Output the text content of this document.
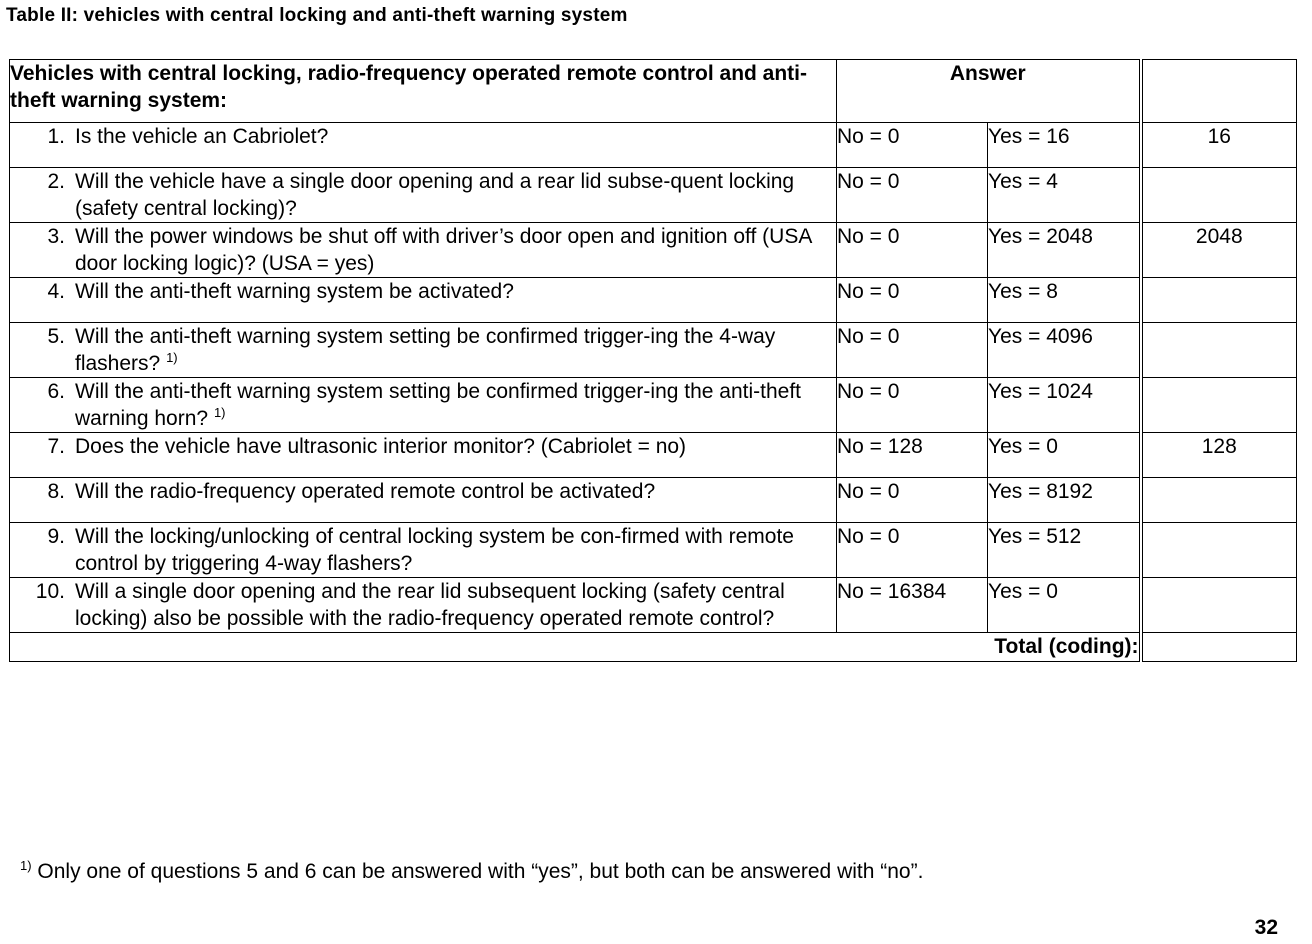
Table II: vehicles with central locking and anti-theft warning system
Vehicles with central locking, radio-frequency operated remote control and anti-theft warning system:	Answer		

1. Is the vehicle an Cabriolet?	No = 0	Yes = 16	16

2. Will the vehicle have a single door opening and a rear lid subse-quent locking (safety central locking)?	No = 0	Yes = 4	

3. Will the power windows be shut off with driver’s door open and ignition off (USA door locking logic)? (USA = yes)	No = 0	Yes = 2048	2048

4. Will the anti-theft warning system be activated?	No = 0	Yes = 8	

5. Will the anti-theft warning system setting be confirmed trigger-ing the 4-way flashers? $^{1)}$	No = 0	Yes = 4096	

6. Will the anti-theft warning system setting be confirmed trigger-ing the anti-theft warning horn? $^{1)}$	No = 0	Yes = 1024	

7. Does the vehicle have ultrasonic interior monitor? (Cabriolet = no)	No = 128	Yes = 0	128

8. Will the radio-frequency operated remote control be activated?	No = 0	Yes = 8192	

9. Will the locking/unlocking of central locking system be con-firmed with remote control by triggering 4-way flashers?	No = 0	Yes = 512	

10. Will a single door opening and the rear lid subsequent locking (safety central locking) also be possible with the radio-frequency operated remote control?	No = 16384	Yes = 0	
Total (coding):			
$^{1)}$ Only one of questions 5 and 6 can be answered with “yes”, but both can be answered with “no”.
32
